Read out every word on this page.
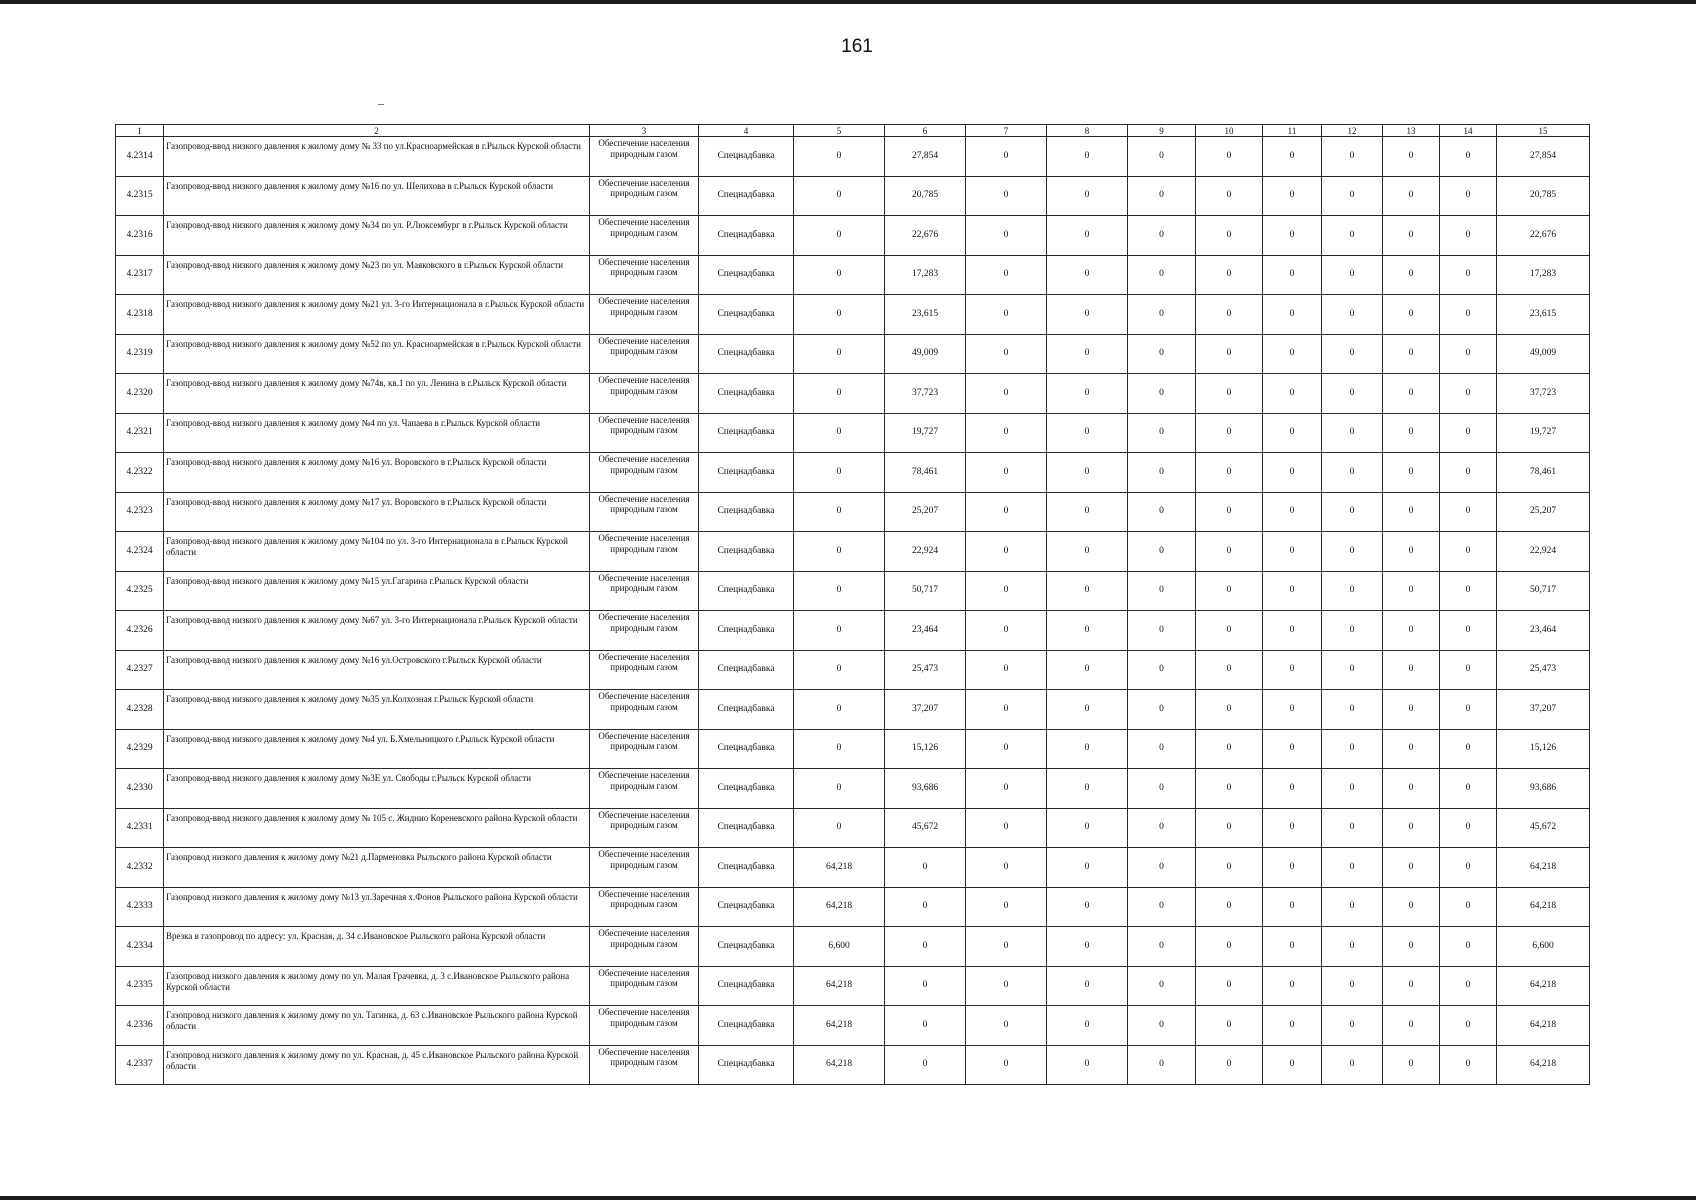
161
1	2	3	4	5	6	7	8	9	10	11	12	13	14	15
4.2314	Газопровод-ввод низкого давления к жилому дому № 33 по ул.Красноармейская в г.Рыльск Курской области	Обеспечение населения природным газом	Спецнадбавка	0	27,854	0	0	0	0	0	0	0	0	27,854
4.2315	Газопровод-ввод низкого давления к жилому дому №16 по ул. Шелихова в г.Рыльск Курской области	Обеспечение населения природным газом	Спецнадбавка	0	20,785	0	0	0	0	0	0	0	0	20,785
4.2316	Газопровод-ввод низкого давления к жилому дому №34 по ул. Р.Люксембург в г.Рыльск Курской области	Обеспечение населения природным газом	Спецнадбавка	0	22,676	0	0	0	0	0	0	0	0	22,676
4.2317	Газопровод-ввод низкого давления к жилому дому №23 по ул. Маяковского в г.Рыльск Курской области	Обеспечение населения природным газом	Спецнадбавка	0	17,283	0	0	0	0	0	0	0	0	17,283
4.2318	Газопровод-ввод низкого давления к жилому дому №21 ул. 3-го Интернационала в г.Рыльск Курской области	Обеспечение населения природным газом	Спецнадбавка	0	23,615	0	0	0	0	0	0	0	0	23,615
4.2319	Газопровод-ввод низкого давления к жилому дому №52 по ул. Красноармейская в г.Рыльск Курской области	Обеспечение населения природным газом	Спецнадбавка	0	49,009	0	0	0	0	0	0	0	0	49,009
4.2320	Газопровод-ввод низкого давления к жилому дому №74в, кв.1 по ул. Ленина в г.Рыльск Курской области	Обеспечение населения природным газом	Спецнадбавка	0	37,723	0	0	0	0	0	0	0	0	37,723
4.2321	Газопровод-ввод низкого давления к жилому дому №4 по ул. Чапаева в г.Рыльск Курской области	Обеспечение населения природным газом	Спецнадбавка	0	19,727	0	0	0	0	0	0	0	0	19,727
4.2322	Газопровод-ввод низкого давления к жилому дому №16 ул. Воровского в г.Рыльск Курской области	Обеспечение населения природным газом	Спецнадбавка	0	78,461	0	0	0	0	0	0	0	0	78,461
4.2323	Газопровод-ввод низкого давления к жилому дому №17 ул. Воровского в г.Рыльск Курской области	Обеспечение населения природным газом	Спецнадбавка	0	25,207	0	0	0	0	0	0	0	0	25,207
4.2324	Газопровод-ввод низкого давления к жилому дому №104 по ул. 3-го Интернационала в г.Рыльск Курской области	Обеспечение населения природным газом	Спецнадбавка	0	22,924	0	0	0	0	0	0	0	0	22,924
4.2325	Газопровод-ввод низкого давления к жилому дому №15 ул.Гагарина г.Рыльск Курской области	Обеспечение населения природным газом	Спецнадбавка	0	50,717	0	0	0	0	0	0	0	0	50,717
4.2326	Газопровод-ввод низкого давления к жилому дому №67 ул. 3-го Интернационала г.Рыльск Курской области	Обеспечение населения природным газом	Спецнадбавка	0	23,464	0	0	0	0	0	0	0	0	23,464
4.2327	Газопровод-ввод низкого давления к жилому дому №16 ул.Островского г.Рыльск Курской области	Обеспечение населения природным газом	Спецнадбавка	0	25,473	0	0	0	0	0	0	0	0	25,473
4.2328	Газопровод-ввод низкого давления к жилому дому №35 ул.Колхозная г.Рыльск Курской области	Обеспечение населения природным газом	Спецнадбавка	0	37,207	0	0	0	0	0	0	0	0	37,207
4.2329	Газопровод-ввод низкого давления к жилому дому №4 ул. Б.Хмельницкого г.Рыльск Курской области	Обеспечение населения природным газом	Спецнадбавка	0	15,126	0	0	0	0	0	0	0	0	15,126
4.2330	Газопровод-ввод низкого давления к жилому дому №3Е ул. Свободы г.Рыльск Курской области	Обеспечение населения природным газом	Спецнадбавка	0	93,686	0	0	0	0	0	0	0	0	93,686
4.2331	Газопровод-ввод низкого давления к жилому дому № 105 с. Жиднио Кореневского района Курской области	Обеспечение населения природным газом	Спецнадбавка	0	45,672	0	0	0	0	0	0	0	0	45,672
4.2332	Газопровод низкого давления к жилому дому №21 д.Парменовка Рыльского района Курской области	Обеспечение населения природным газом	Спецнадбавка	64,218	0	0	0	0	0	0	0	0	0	64,218
4.2333	Газопровод низкого давления к жилому дому №13 ул.Заречная х.Фонов Рыльского района Курской области	Обеспечение населения природным газом	Спецнадбавка	64,218	0	0	0	0	0	0	0	0	0	64,218
4.2334	Врезка в газопровод по адресу: ул. Красная, д. 34 с.Ивановское Рыльского района Курской области	Обеспечение населения природным газом	Спецнадбавка	6,600	0	0	0	0	0	0	0	0	0	6,600
4.2335	Газопровод низкого давления к жилому дому по ул. Малая Грачевка, д. 3 с.Ивановское Рыльского района Курской области	Обеспечение населения природным газом	Спецнадбавка	64,218	0	0	0	0	0	0	0	0	0	64,218
4.2336	Газопровод низкого давления к жилому дому по ул. Тагинка, д. 63 с.Ивановское Рыльского района Курской области	Обеспечение населения природным газом	Спецнадбавка	64,218	0	0	0	0	0	0	0	0	0	64,218
4.2337	Газопровод низкого давления к жилому дому по ул. Красная, д. 45 с.Ивановское Рыльского района Курской области	Обеспечение населения природным газом	Спецнадбавка	64,218	0	0	0	0	0	0	0	0	0	64,218
